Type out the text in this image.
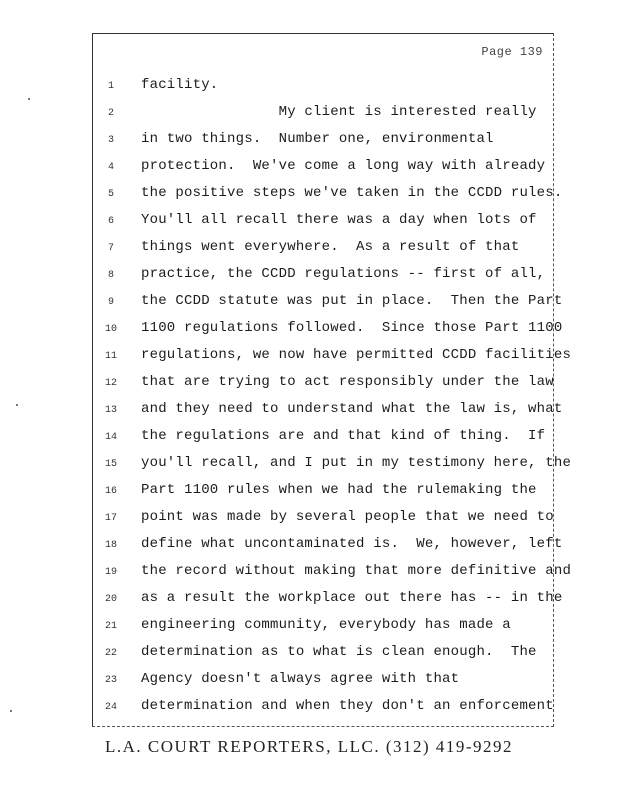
Page 139
1	facility.
2	My client is interested really
3	in two things.  Number one, environmental
4	protection.  We've come a long way with already
5	the positive steps we've taken in the CCDD rules.
6	You'll all recall there was a day when lots of
7	things went everywhere.  As a result of that
8	practice, the CCDD regulations -- first of all,
9	the CCDD statute was put in place.  Then the Part
10	1100 regulations followed.  Since those Part 1100
11	regulations, we now have permitted CCDD facilities
12	that are trying to act responsibly under the law
13	and they need to understand what the law is, what
14	the regulations are and that kind of thing.  If
15	you'll recall, and I put in my testimony here, the
16	Part 1100 rules when we had the rulemaking the
17	point was made by several people that we need to
18	define what uncontaminated is.  We, however, left
19	the record without making that more definitive and
20	as a result the workplace out there has -- in the
21	engineering community, everybody has made a
22	determination as to what is clean enough.  The
23	Agency doesn't always agree with that
24	determination and when they don't an enforcement
L.A. COURT REPORTERS, LLC. (312) 419-9292
